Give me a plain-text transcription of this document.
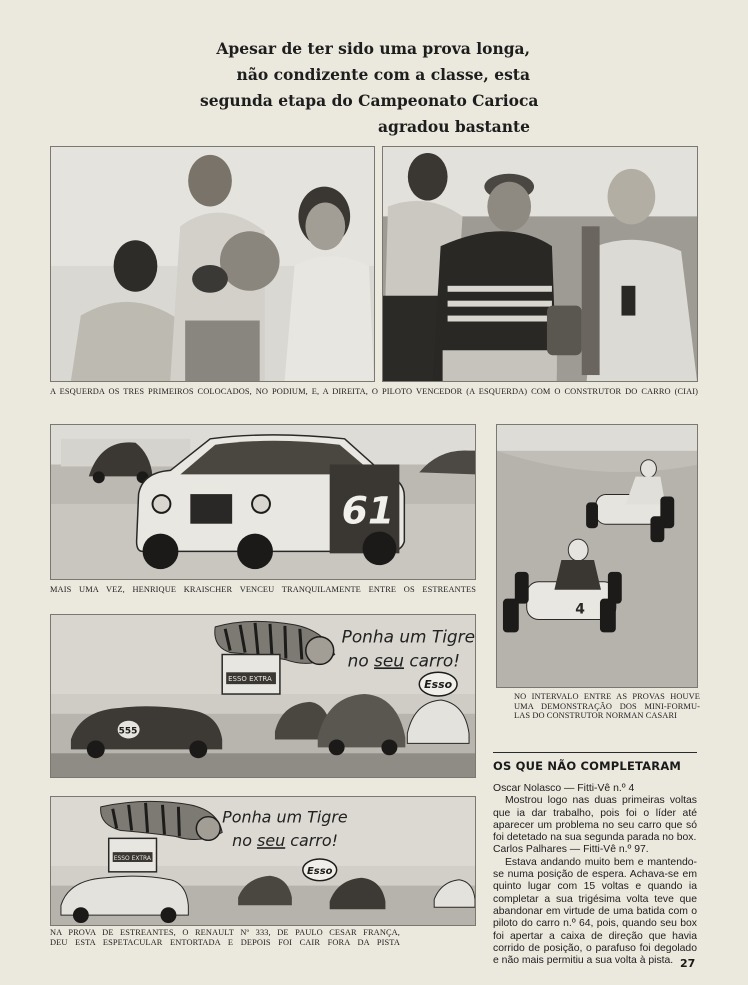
Apesar de ter sido uma prova longa,
não condizente com a classe, esta
segunda etapa do Campeonato Carioca
agradou bastante
A ESQUERDA OS TRES PRIMEIROS COLOCADOS, NO PODIUM, E, A DIREITA, O PILOTO VENCEDOR (A ESQUERDA) COM O CONSTRUTOR DO CARRO (CIAI)
61
MAIS UMA VEZ, HENRIQUE KRAISCHER VENCEU TRANQUILAMENTE ENTRE OS ESTREANTES
4
NO INTERVALO ENTRE AS PROVAS HOUVE
UMA DEMONSTRAÇÃO DOS MINI-FORMU-
LAS DO CONSTRUTOR NORMAN CASARI
ESSO EXTRA
555
Esso
Ponha um Tigre
no seu carro!
ESSO EXTRA
Esso
Ponha um Tigre
no seu carro!
NA PROVA DE ESTREANTES, O RENAULT Nº 333, DE PAULO CESAR FRANÇA,
DEU ESTA ESPETACULAR ENTORTADA E DEPOIS FOI CAIR FORA DA PISTA
OS QUE NÃO COMPLETARAM

Oscar Nolasco — Fitti-Vê n.º 4

Mostrou logo nas duas primeiras voltas que ia dar trabalho, pois foi o líder até aparecer um problema no seu carro que só foi detetado na sua segunda parada no box.

Carlos Palhares — Fitti-Vê n.º 97.

Estava andando muito bem e mantendo-se numa posição de espera. Achava-se em quinto lugar com 15 voltas e quando ia completar a sua trigésima volta teve que abandonar em virtude de uma batida com o piloto do carro n.º 64, pois, quando seu box foi apertar a caixa de direção que havia corrido de posição, o parafuso foi degolado e não mais permitiu a sua volta à pista. 27
